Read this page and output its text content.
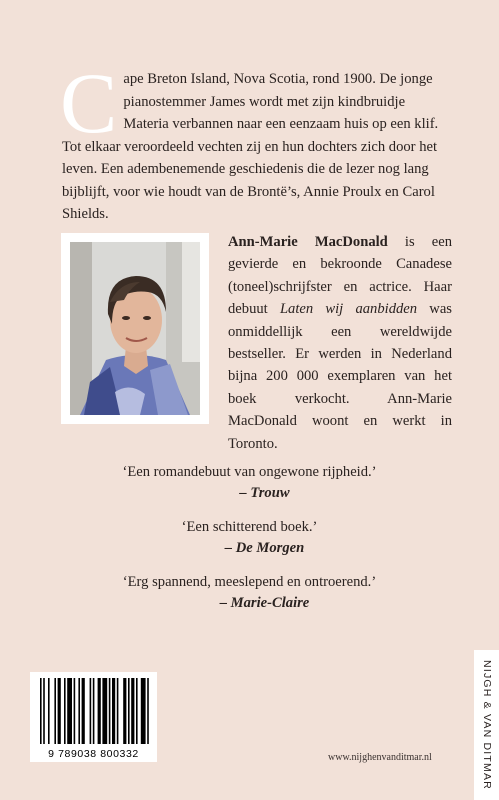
Cape Breton Island, Nova Scotia, rond 1900. De jonge pianostemmer James wordt met zijn kindbruidje Materia verbannen naar een eenzaam huis op een klif. Tot elkaar veroordeeld vechten zij en hun dochters zich door het leven. Een adembenemende geschiedenis die de lezer nog lang bijblijft, voor wie houdt van de Brontë’s, Annie Proulx en Carol Shields.

Ann-Marie MacDonald is een gevierde en bekroonde Canadese (toneel)schrijfster en actrice. Haar debuut Laten wij aanbidden was onmiddellijk een wereldwijde bestseller. Er werden in Nederland bijna 200 000 exemplaren van het boek verkocht. Ann-Marie MacDonald woont en werkt in Toronto.

‘Een romandebuut van ongewone rijpheid.’
– Trouw

‘Een schitterend boek.’
– De Morgen

‘Erg spannend, meeslepend en ontroerend.’
– Marie-Claire

9 789038 800332	www.nijghenvanditmar.nl	NIJGH & VAN DITMAR
